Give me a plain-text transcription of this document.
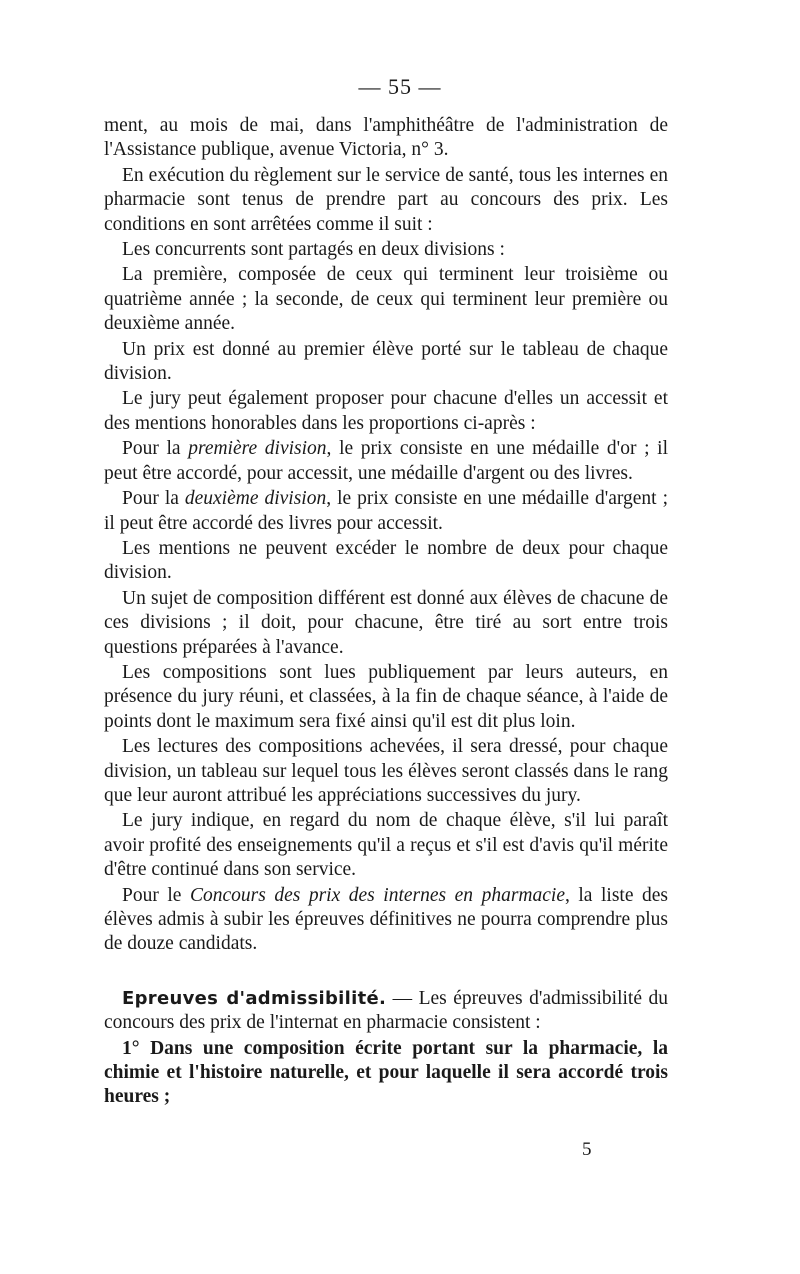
— 55 —

ment, au mois de mai, dans l'amphithéâtre de l'administration de l'Assistance publique, avenue Victoria, n° 3.

En exécution du règlement sur le service de santé, tous les internes en pharmacie sont tenus de prendre part au concours des prix. Les conditions en sont arrêtées comme il suit :

Les concurrents sont partagés en deux divisions :

La première, composée de ceux qui terminent leur troisième ou quatrième année ; la seconde, de ceux qui terminent leur première ou deuxième année.

Un prix est donné au premier élève porté sur le tableau de chaque division.

Le jury peut également proposer pour chacune d'elles un accessit et des mentions honorables dans les proportions ci-après :

Pour la première division, le prix consiste en une médaille d'or ; il peut être accordé, pour accessit, une médaille d'argent ou des livres.

Pour la deuxième division, le prix consiste en une médaille d'argent ; il peut être accordé des livres pour accessit.

Les mentions ne peuvent excéder le nombre de deux pour chaque division.

Un sujet de composition différent est donné aux élèves de chacune de ces divisions ; il doit, pour chacune, être tiré au sort entre trois questions préparées à l'avance.

Les compositions sont lues publiquement par leurs auteurs, en présence du jury réuni, et classées, à la fin de chaque séance, à l'aide de points dont le maximum sera fixé ainsi qu'il est dit plus loin.

Les lectures des compositions achevées, il sera dressé, pour chaque division, un tableau sur lequel tous les élèves seront classés dans le rang que leur auront attribué les appréciations successives du jury.

Le jury indique, en regard du nom de chaque élève, s'il lui paraît avoir profité des enseignements qu'il a reçus et s'il est d'avis qu'il mérite d'être continué dans son service.

Pour le Concours des prix des internes en pharmacie, la liste des élèves admis à subir les épreuves définitives ne pourra comprendre plus de douze candidats.

Epreuves d'admissibilité. — Les épreuves d'admissibilité du concours des prix de l'internat en pharmacie consistent :

1° Dans une composition écrite portant sur la pharmacie, la chimie et l'histoire naturelle, et pour laquelle il sera accordé trois heures ;

5
